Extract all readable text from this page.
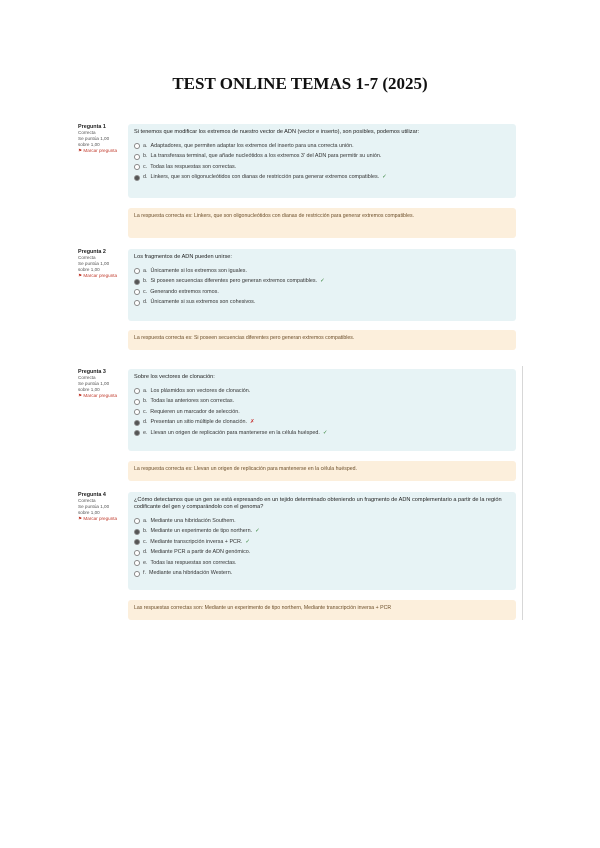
TEST ONLINE TEMAS 1-7 (2025)
Pregunta 1
Correcta
Se puntúa 1,00 sobre 1,00
⚑ Marcar pregunta
Si tenemos que modificar los extremos de nuestro vector de ADN (vector e inserto), son posibles, podemos utilizar:
a. Adaptadores, que permiten adaptar los extremos del inserto para una correcta unión.
b. La transferasa terminal, que añade nucleótidos a los extremos 3' del ADN para permitir su unión.
c. Todas las respuestas son correctas.
d. Linkers, que son oligonucleótidos con dianas de restricción para generar extremos compatibles. ✓
La respuesta correcta es: Linkers, que son oligonucleótidos con dianas de restricción para generar extremos compatibles.
Pregunta 2
Correcta
Se puntúa 1,00 sobre 1,00
⚑ Marcar pregunta
Los fragmentos de ADN pueden unirse:
a. Únicamente si los extremos son iguales.
b. Si poseen secuencias diferentes pero generan extremos compatibles. ✓
c. Generando extremos romos.
d. Únicamente si sus extremos son cohesivos.
La respuesta correcta es: Si poseen secuencias diferentes pero generan extremos compatibles.
Pregunta 3
Correcta
Se puntúa 1,00 sobre 1,00
⚑ Marcar pregunta
Sobre los vectores de clonación:
a. Los plásmidos son vectores de clonación.
b. Todas las anteriores son correctas.
c. Requieren un marcador de selección.
d. Presentan un sitio múltiple de clonación. ✗
e. Llevan un origen de replicación para mantenerse en la célula huésped. ✓
La respuesta correcta es: Llevan un origen de replicación para mantenerse en la célula huésped.
Pregunta 4
Correcta
Se puntúa 1,00 sobre 1,00
⚑ Marcar pregunta
¿Cómo detectamos que un gen se está expresando en un tejido determinado obteniendo un fragmento de ADN complementario a partir de la región codificante del gen y comparándolo con el genoma?
a. Mediante una hibridación Southern.
b. Mediante un experimento de tipo northern. ✓
c. Mediante transcripción inversa + PCR. ✓
d. Mediante PCR a partir de ADN genómico.
e. Todas las respuestas son correctas.
f. Mediante una hibridación Western.
Las respuestas correctas son: Mediante un experimento de tipo northern, Mediante transcripción inversa + PCR
